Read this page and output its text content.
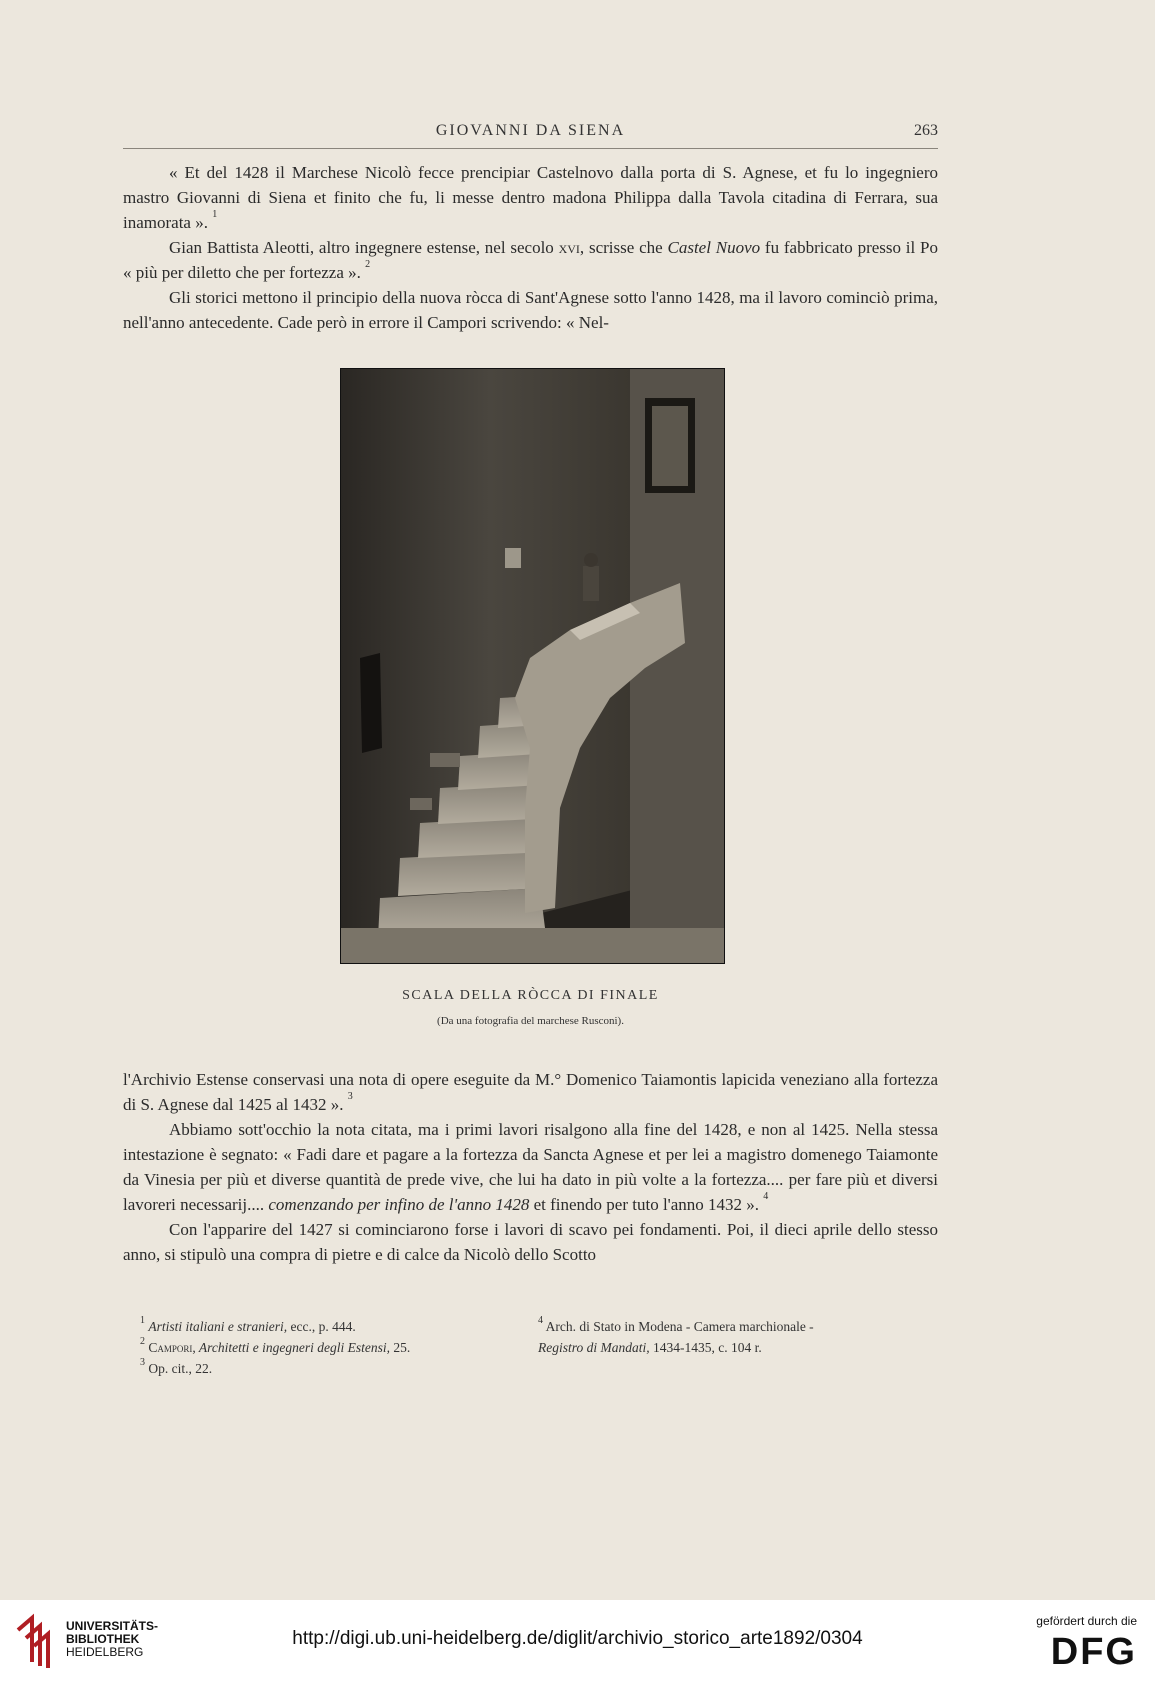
GIOVANNI DA SIENA	263

« Et del 1428 il Marchese Nicolò fecce prencipiar Castelnovo dalla porta di S. Agnese, et fu lo ingegniero mastro Giovanni di Siena et finito che fu, li messe dentro madona Philippa dalla Tavola citadina di Ferrara, sua inamorata ». $^1$

Gian Battista Aleotti, altro ingegnere estense, nel secolo xvi, scrisse che Castel Nuovo fu fabbricato presso il Po « più per diletto che per fortezza ». $^2$

Gli storici mettono il principio della nuova ròcca di Sant'Agnese sotto l'anno 1428, ma il lavoro cominciò prima, nell'anno antecedente. Cade però in errore il Campori scrivendo: « Nel-

SCALA DELLA RÒCCA DI FINALE
(Da una fotografia del marchese Rusconi).

l'Archivio Estense conservasi una nota di opere eseguite da M.° Domenico Taiamontis lapicida veneziano alla fortezza di S. Agnese dal 1425 al 1432 ». $^3$

Abbiamo sott'occhio la nota citata, ma i primi lavori risalgono alla fine del 1428, e non al 1425. Nella stessa intestazione è segnato: « Fadi dare et pagare a la fortezza da Sancta Agnese et per lei a magistro domenego Taiamonte da Vinesia per più et diverse quantità de prede vive, che lui ha dato in più volte a la fortezza.... per fare più et diversi lavoreri necessarij.... comenzando per infino de l'anno 1428 et finendo per tuto l'anno 1432 ». $^4$

Con l'apparire del 1427 si cominciarono forse i lavori di scavo pei fondamenti. Poi, il dieci aprile dello stesso anno, si stipulò una compra di pietre e di calce da Nicolò dello Scotto

$^1$ Artisti italiani e stranieri, ecc., p. 444.
$^2$ Campori, Architetti e ingegneri degli Estensi, 25.
$^3$ Op. cit., 22.
$^4$ Arch. di Stato in Modena - Camera marchionale -
Registro di Mandati, 1434-1435, c. 104 r.
UNIVERSITÄTS-
BIBLIOTHEK
HEIDELBERG
http://digi.ub.uni-heidelberg.de/diglit/archivio_storico_arte1892/0304
gefördert durch die
DFG
